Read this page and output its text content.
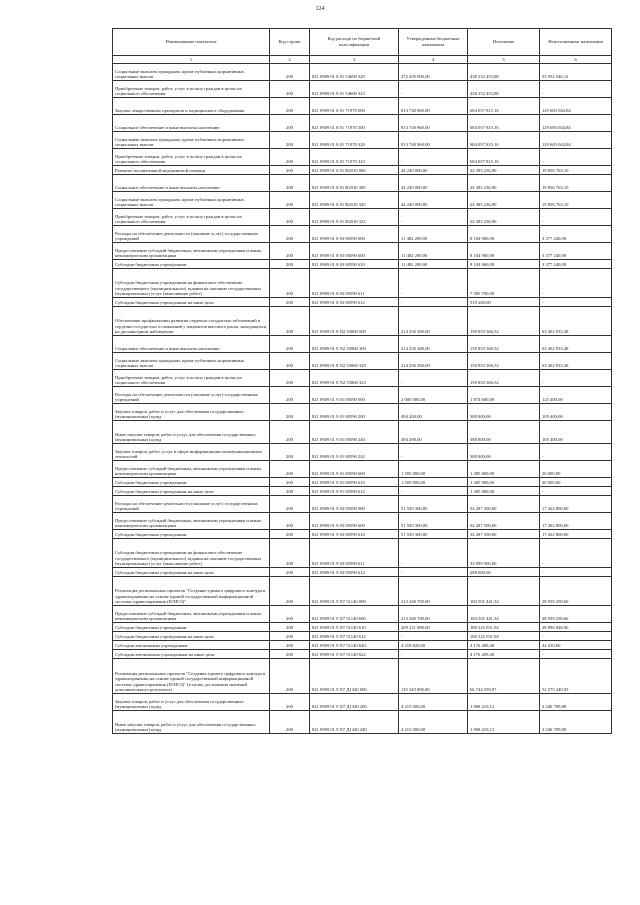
124
Наименование показателя	Код строки	Код расхода по бюджетной классификации	Утвержденные бюджетные назначения	Исполнено	Неисполненные назначения
1	2	3	4	5	6
Социальные выплаты гражданам, кроме публичных нормативных социальных выплат	200	821 0909 01 8 01 54600 320	472 205 000,00	438 252 453,88	33 952 546,12
Приобретение товаров, работ, услуг в пользу граждан в целях их социального обеспечения	200	821 0909 01 8 01 54600 323	-	438 252 453,88	-
Закупка лекарственных препаратов и медицинского оборудования	200	821 0909 01 8 01 71970 000	813 740 860,00	684 057 815,16	129 683 044,84
Социальное обеспечение и иные выплаты населению	200	821 0909 01 8 01 71970 300	813 740 860,00	684 057 815,16	129 683 044,84
Социальные выплаты гражданам, кроме публичных нормативных социальных выплат	200	821 0909 01 8 01 71970 320	813 740 860,00	684 057 815,16	129 683 044,84
Приобретение товаров, работ, услуг в пользу граждан в целях их социального обеспечения	200	821 0909 01 8 01 71970 323	-	684 057 815,16	-
Развитие паллиативной медицинской помощи	200	821 0909 01 8 01 R2010 000	44 240 000,00	24 383 236,90	19 856 763,10
Социальное обеспечение и иные выплаты населению	200	821 0909 01 8 01 R2010 300	44 240 000,00	24 383 236,90	19 856 763,10
Социальные выплаты гражданам, кроме публичных нормативных социальных выплат	200	821 0909 01 8 01 R2010 320	44 240 000,00	24 383 236,90	19 856 763,10
Приобретение товаров, работ, услуг в пользу граждан в целях их социального обеспечения	200	821 0909 01 8 01 R2010 323	-	24 383 236,90	-
Расходы на обеспечение деятельности (оказание услуг) государственных учреждений	200	821 0909 01 8 03 00590 000	11 482 200,00	8 104 960,00	3 377 240,00
Предоставление субсидий бюджетным, автономным учреждениям и иным некоммерческим организациям	200	821 0909 01 8 03 00590 600	11 482 200,00	8 104 960,00	3 377 240,00
Субсидии бюджетным учреждениям	200	821 0909 01 8 03 00590 610	11 482 200,00	8 104 960,00	3 377 240,00
Субсидии бюджетным учреждениям на финансовое обеспечение государственного (муниципального) задания на оказание государственных (муниципальных) услуг (выполнение работ)	200	821 0909 01 8 03 00590 611	-	7 585 700,00	-
Субсидии бюджетным учреждениям на иные цели	200	821 0909 01 8 03 00590 612	-	519 260,00	-
Обеспечение профилактики развития сердечно-сосудистых заболеваний и сердечно-сосудистых осложнений у пациентов высокого риска, находящихся на диспансерном наблюдении	200	821 0909 01 8 N2 55860 000	214 256 300,00	150 853 366,52	63 402 933,48
Социальное обеспечение и иные выплаты населению	200	821 0909 01 8 N2 55860 300	214 256 300,00	150 853 366,52	63 402 933,48
Социальные выплаты гражданам, кроме публичных нормативных социальных выплат	200	821 0909 01 8 N2 55860 320	214 256 300,00	150 853 366,52	63 402 933,48
Приобретение товаров, работ, услуг в пользу граждан в целях их социального обеспечения	200	821 0909 01 8 N2 55860 323	-	150 853 366,52	-
Расходы на обеспечение деятельности (оказание услуг) государственных учреждений	200	821 0909 01 9 01 00590 000	2 000 000,00	1 874 600,00	125 400,00
Закупка товаров, работ и услуг для обеспечения государственных (муниципальных) нужд	200	821 0909 01 9 01 00590 200	494 200,00	388 800,00	105 400,00
Иные закупки товаров, работ и услуг для обеспечения государственных (муниципальных) нужд	200	821 0909 01 9 01 00590 240	494 200,00	388 800,00	105 400,00
Закупка товаров, работ, услуг в сфере информационно-коммуникационных технологий	200	821 0909 01 9 01 00590 242	-	388 800,00	-
Предоставление субсидий бюджетным, автономным учреждениям и иным некоммерческим организациям	200	821 0909 01 9 01 00590 600	1 505 800,00	1 485 800,00	20 000,00
Субсидии бюджетным учреждениям	200	821 0909 01 9 01 00590 610	1 505 800,00	1 485 800,00	20 000,00
Субсидии бюджетным учреждениям на иные цели	200	821 0909 01 9 01 00590 612	-	1 485 800,00	-
Расходы на обеспечение деятельности (оказание услуг) государственных учреждений	200	821 0909 01 9 03 00590 000	51 550 300,00	34 287 500,00	17 262 800,00
Предоставление субсидий бюджетным, автономным учреждениям и иным некоммерческим организациям	200	821 0909 01 9 03 00590 600	51 550 300,00	34 287 500,00	17 262 800,00
Субсидии бюджетным учреждениям	200	821 0909 01 9 03 00590 610	51 550 300,00	34 287 500,00	17 262 800,00
Субсидии бюджетным учреждениям на финансовое обеспечение государственного (муниципального) задания на оказание государственных (муниципальных) услуг (выполнение работ)	200	821 0909 01 9 03 00590 611	-	33 999 500,00	-
Субсидии бюджетным учреждениям на иные цели	200	821 0909 01 9 03 00590 612	-	288 000,00	-
Реализация региональных проектов "Создание единого цифрового контура в здравоохранении на основе единой государственной информационной системы здравоохранения (ЕГИСЗ)"	200	821 0909 01 9 N7 51140 000	213 440 700,00	184 501 441,34	28 939 258,66
Предоставление субсидий бюджетным, автономным учреждениям и иным некоммерческим организациям	200	821 0909 01 9 N7 51140 600	213 440 700,00	184 501 441,34	28 939 258,66
Субсидии бюджетным учреждениям	200	821 0909 01 9 N7 51140 610	209 221 880,00	180 325 031,94	28 896 848,06
Субсидии бюджетным учреждениям на иные цели	200	821 0909 01 9 N7 51140 612	-	180 325 031,94	-
Субсидии автономным учреждениям	200	821 0909 01 9 N7 51140 620	4 218 820,00	4 176 409,40	42 410,60
Субсидии автономным учреждениям на иные цели	200	821 0909 01 9 N7 51140 622	-	4 176 409,40	-
Реализация региональных проектов "Создание единого цифрового контура в здравоохранении на основе единой государственной информационной системы здравоохранения (ЕГИСЗ)" (в целях достижения значений дополнительного результата)	200	821 0909 01 9 N7 Д1340 000	119 320 000,00	66 744 559,97	52 575 440,03
Закупка товаров, работ и услуг для обеспечения государственных (муниципальных) нужд	200	821 0909 01 9 N7 Д1340 200	4 215 000,00	1 968 210,12	2 246 789,88
Иные закупки товаров, работ и услуг для обеспечения государственных (муниципальных) нужд	200	821 0909 01 9 N7 Д1340 240	4 215 000,00	1 968 210,12	2 246 789,88
